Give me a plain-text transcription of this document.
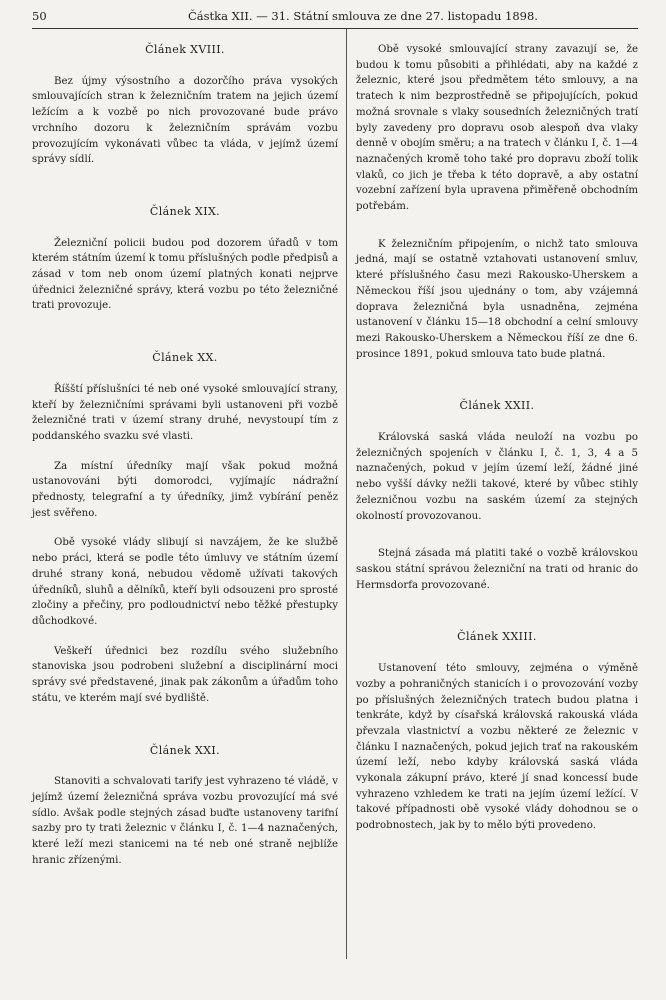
50	Částka XII. — 31. Státní smlouva ze dne 27. listopadu 1898.
Článek XVIII.

Bez újmy výsostního a dozorčího práva vysokých smlouvajících stran k železničním tratem na jejich území ležícím a k vozbě po nich provozované bude právo vrchního dozoru k železničním správám vozbu provozujícím vykonávati vůbec ta vláda, v jejímž území správy sídlí.

Článek XIX.

Železniční policii budou pod dozorem úřadů v tom kterém státním území k tomu příslušných podle předpisů a zásad v tom neb onom území platných konati nejprve úřednici železničné správy, která vozbu po této železničné trati provozuje.

Článek XX.

Říšští příslušníci té neb oné vysoké smlouvající strany, kteří by železničními správami byli ustanoveni při vozbě železničné trati v území strany druhé, nevystoupí tím z poddanského svazku své vlasti.

Za místní úředníky mají však pokud možná ustanovováni býti domorodci, vyjímajíc nádražní přednosty, telegrafní a ty úředníky, jimž vybírání peněz jest svěřeno.

Obě vysoké vlády slibují si navzájem, že ke službě nebo práci, která se podle této úmluvy ve státním území druhé strany koná, nebudou vědomě užívati takových úředníků, sluhů a dělníků, kteří byli odsouzeni pro sprosté zločiny a přečiny, pro podloudnictví nebo těžké přestupky důchodkové.

Veškeří úřednici bez rozdílu svého služebního stanoviska jsou podrobeni služební a disciplinární moci správy své představené, jinak pak zákonům a úřadům toho státu, ve kterém mají své bydliště.

Článek XXI.

Stanoviti a schvalovati tarify jest vyhrazeno té vládě, v jejímž území železničná správa vozbu provozující má své sídlo. Avšak podle stejných zásad buďte ustanoveny tarifní sazby pro ty trati železnic v článku I, č. 1—4 naznačených, které leží mezi stanicemi na té neb oné straně nejblíže hranic zřízenými.

Obě vysoké smlouvající strany zavazují se, že budou k tomu působiti a přihlédati, aby na každé z železnic, které jsou předmětem této smlouvy, a na tratech k nim bezprostředně se připojujících, pokud možná srovnale s vlaky sousedních železničných tratí byly zavedeny pro dopravu osob alespoň dva vlaky denně v obojím směru; a na tratech v článku I, č. 1—4 naznačených kromě toho také pro dopravu zboží tolik vlaků, co jich je třeba k této dopravě, a aby ostatní vozební zařízení byla upravena přiměřeně obchodním potřebám.

K železničním připojením, o nichž tato smlouva jedná, mají se ostatně vztahovati ustanovení smluv, které příslušného času mezi Rakousko-Uherskem a Německou říší jsou ujednány o tom, aby vzájemná doprava železničná byla usnadněna, zejména ustanovení v článku 15—18 obchodní a celní smlouvy mezi Rakousko-Uherskem a Německou říší ze dne 6. prosince 1891, pokud smlouva tato bude platná.

Článek XXII.

Královská saská vláda neuloží na vozbu po železničných spojeních v článku I, č. 1, 3, 4 a 5 naznačených, pokud v jejím území leží, žádné jiné nebo vyšší dávky nežli takové, které by vůbec stihly železničnou vozbu na saském území za stejných okolností provozovanou.

Stejná zásada má platiti také o vozbě královskou saskou státní správou železniční na trati od hranic do Hermsdorfa provozované.

Článek XXIII.

Ustanovení této smlouvy, zejména o výměně vozby a pohraničných stanicích i o provozování vozby po příslušných železničných tratech budou platna i tenkráte, když by císařská královská rakouská vláda převzala vlastnictví a vozbu některé ze železnic v článku I naznačených, pokud jejich trať na rakouském území leží, nebo kdyby královská saská vláda vykonala zákupní právo, které jí snad koncessí bude vyhrazeno vzhledem ke trati na jejím území ležící. V takové případnosti obě vysoké vlády dohodnou se o podrobnostech, jak by to mělo býti provedeno.
